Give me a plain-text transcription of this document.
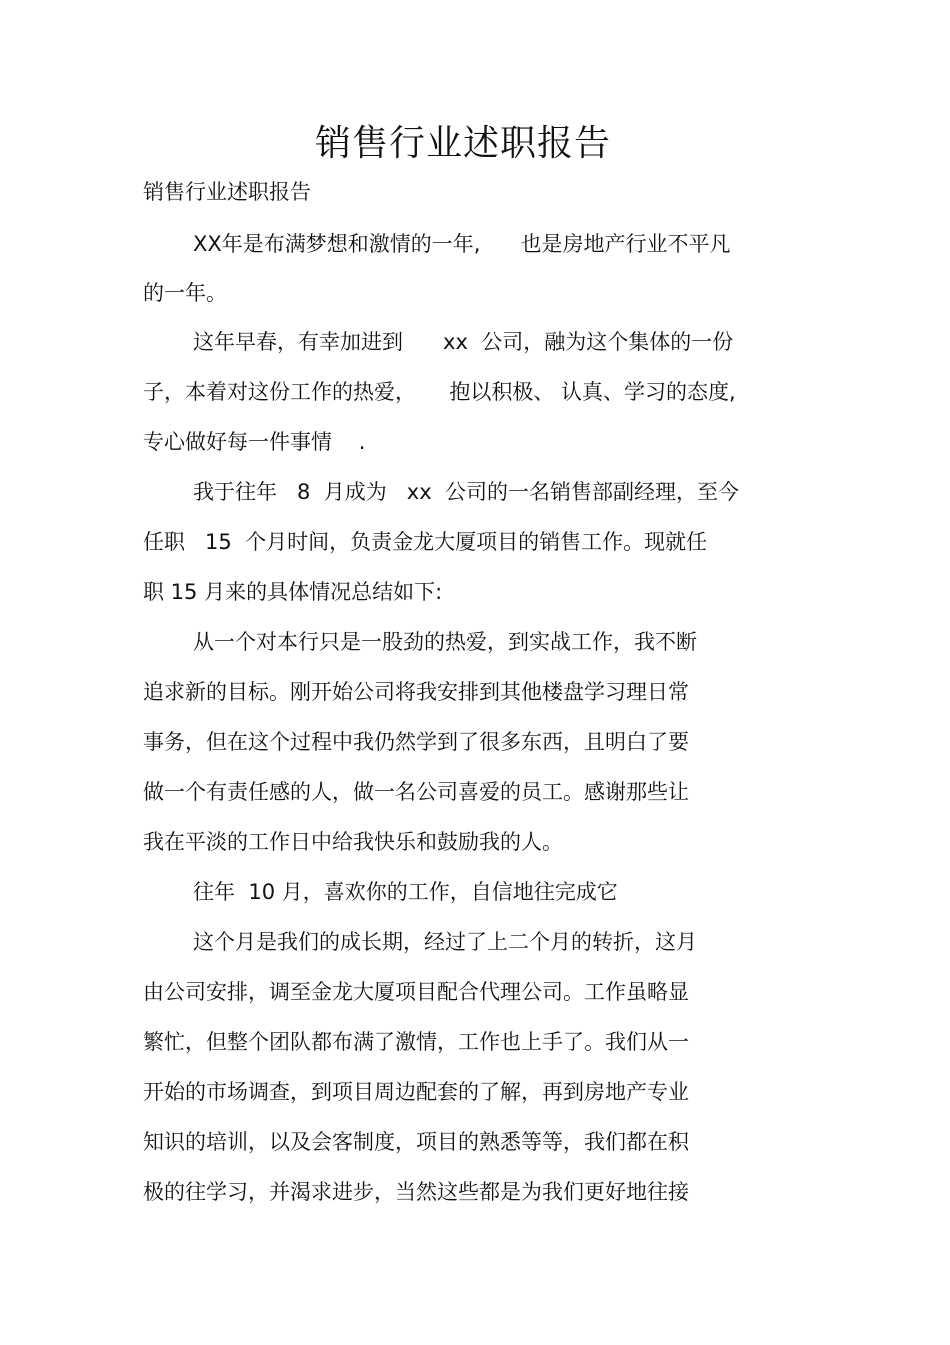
销售行业述职报告

销售行业述职报告

XX年是布满梦想和激情的一年,      也是房地产行业不平凡

的一年。

这年早春，有幸加进到      xx  公司，融为这个集体的一份

子，本着对这份工作的热爱，     抱以积极、 认真、学习的态度,

专心做好每一件事情    .

我于往年   8  月成为   xx  公司的一名销售部副经理，至今

任职   15  个月时间，负责金龙大厦项目的销售工作。现就任

职 15 月来的具体情况总结如下:

从一个对本行只是一股劲的热爱，到实战工作，我不断

追求新的目标。刚开始公司将我安排到其他楼盘学习理日常

事务，但在这个过程中我仍然学到了很多东西，且明白了要

做一个有责任感的人，做一名公司喜爱的员工。感谢那些让

我在平淡的工作日中给我快乐和鼓励我的人。

往年  10 月，喜欢你的工作，自信地往完成它

这个月是我们的成长期，经过了上二个月的转折，这月

由公司安排，调至金龙大厦项目配合代理公司。工作虽略显

繁忙，但整个团队都布满了激情，工作也上手了。我们从一

开始的市场调查，到项目周边配套的了解，再到房地产专业

知识的培训，以及会客制度，项目的熟悉等等，我们都在积

极的往学习，并渴求进步，当然这些都是为我们更好地往接
